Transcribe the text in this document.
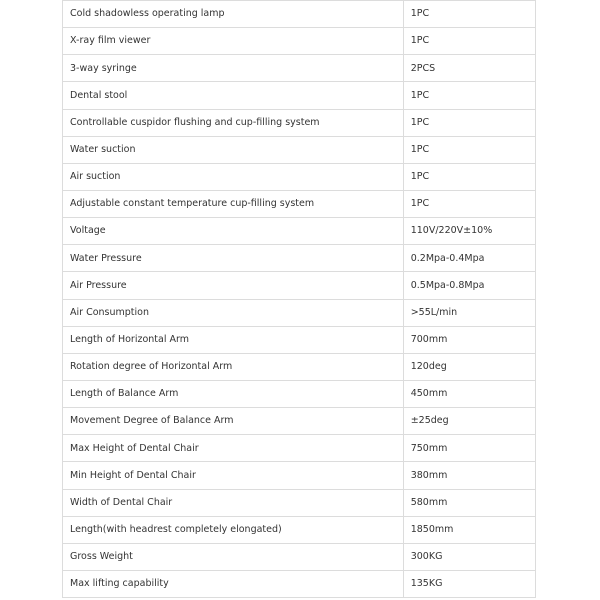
Cold shadowless operating lamp	1PC
X-ray film viewer	1PC
3-way syringe	2PCS
Dental stool	1PC
Controllable cuspidor flushing and cup-filling system	1PC
Water suction	1PC
Air suction	1PC
Adjustable constant temperature cup-filling system	1PC
Voltage	110V/220V±10%
Water Pressure	0.2Mpa-0.4Mpa
Air Pressure	0.5Mpa-0.8Mpa
Air Consumption	>55L/min
Length of Horizontal Arm	700mm
Rotation degree of Horizontal Arm	120deg
Length of Balance Arm	450mm
Movement Degree of Balance Arm	±25deg
Max Height of Dental Chair	750mm
Min Height of Dental Chair	380mm
Width of Dental Chair	580mm
Length(with headrest completely elongated)	1850mm
Gross Weight	300KG
Max lifting capability	135KG
